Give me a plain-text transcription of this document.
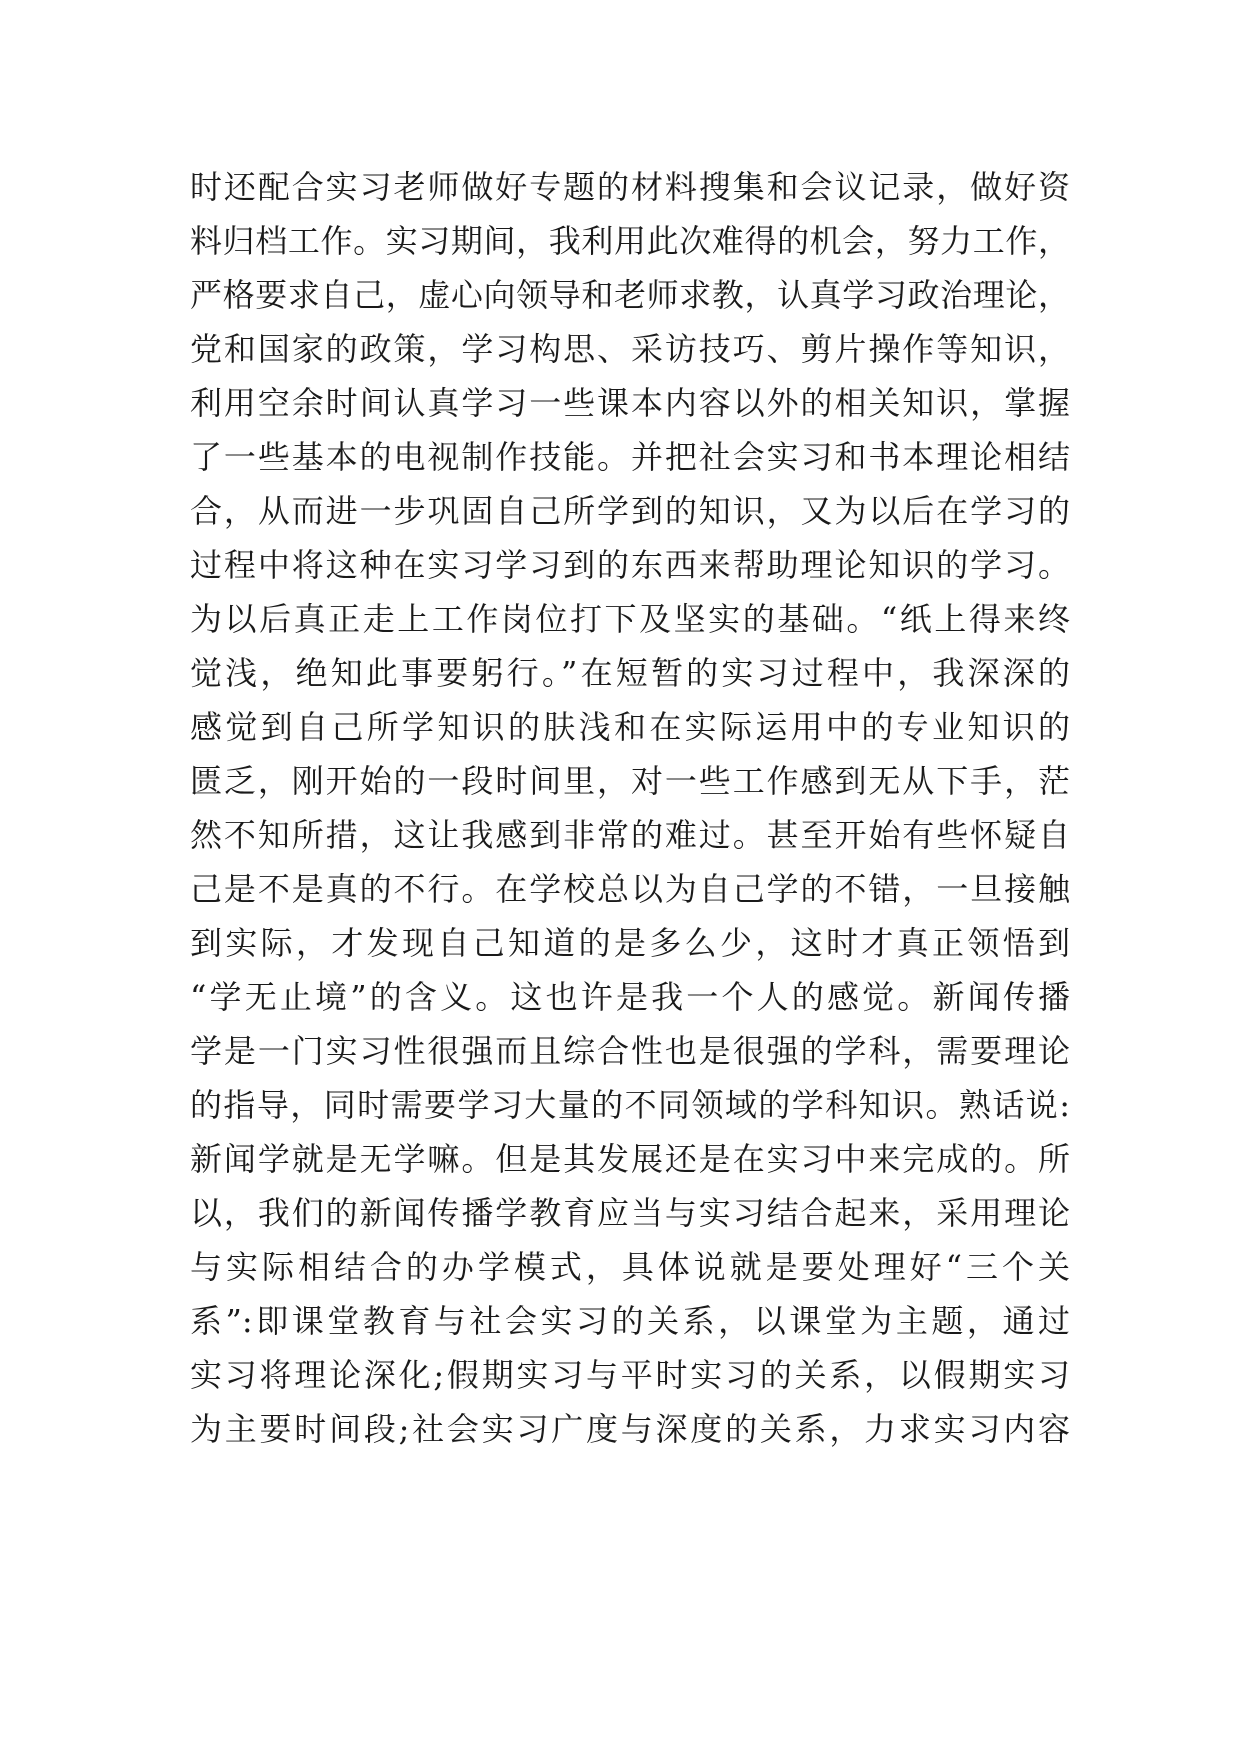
时还配合实习老师做好专题的材料搜集和会议记录，做好资
料归档工作。实习期间，我利用此次难得的机会，努力工作，
严格要求自己，虚心向领导和老师求教，认真学习政治理论，
党和国家的政策，学习构思、采访技巧、剪片操作等知识，
利用空余时间认真学习一些课本内容以外的相关知识，掌握
了一些基本的电视制作技能。并把社会实习和书本理论相结
合，从而进一步巩固自己所学到的知识，又为以后在学习的
过程中将这种在实习学习到的东西来帮助理论知识的学习。
为以后真正走上工作岗位打下及坚实的基础。“纸上得来终
觉浅，绝知此事要躬行。”在短暂的实习过程中，我深深的
感觉到自己所学知识的肤浅和在实际运用中的专业知识的
匮乏，刚开始的一段时间里，对一些工作感到无从下手，茫
然不知所措，这让我感到非常的难过。甚至开始有些怀疑自
己是不是真的不行。在学校总以为自己学的不错，一旦接触
到实际，才发现自己知道的是多么少，这时才真正领悟到
“学无止境”的含义。这也许是我一个人的感觉。新闻传播
学是一门实习性很强而且综合性也是很强的学科，需要理论
的指导，同时需要学习大量的不同领域的学科知识。熟话说:
新闻学就是无学嘛。但是其发展还是在实习中来完成的。所
以，我们的新闻传播学教育应当与实习结合起来，采用理论
与实际相结合的办学模式，具体说就是要处理好“三个关
系”:即课堂教育与社会实习的关系，以课堂为主题，通过
实习将理论深化;假期实习与平时实习的关系，以假期实习
为主要时间段;社会实习广度与深度的关系，力求实习内容
